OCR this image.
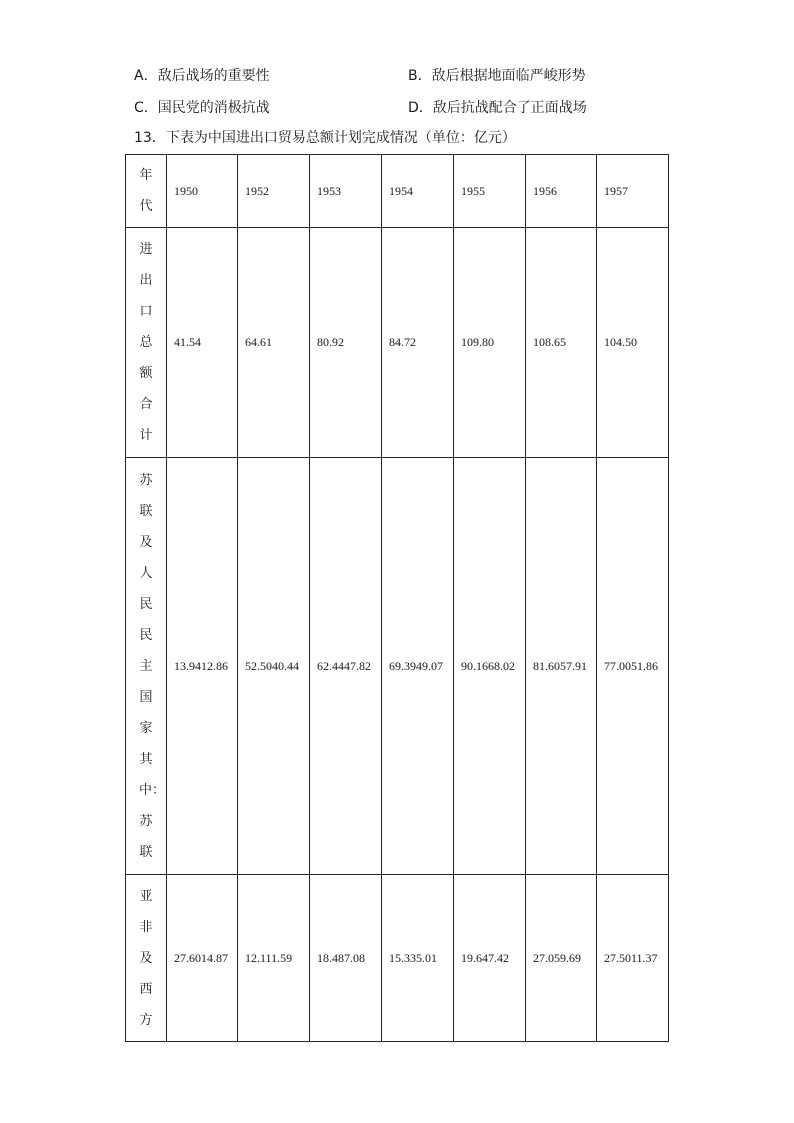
A．敌后战场的重要性	B．敌后根据地面临严峻形势
C．国民党的消极抗战	D．敌后抗战配合了正面战场
13．下表为中国进出口贸易总额计划完成情况（单位：亿元）
年代	1950	1952	1953	1954	1955	1956	1957

进出口总额合计	41.54	64.61	80.92	84.72	109.80	108.65	104.50

苏联及人民民主国家其中：苏联	13.9412.86	52.5040.44	62.4447.82	69.3949.07	90.1668.02	81.6057.91	77.0051.86

亚非及西方	27.6014.87	12.111.59	18.487.08	15.335.01	19.647.42	27.059.69	27.5011.37
